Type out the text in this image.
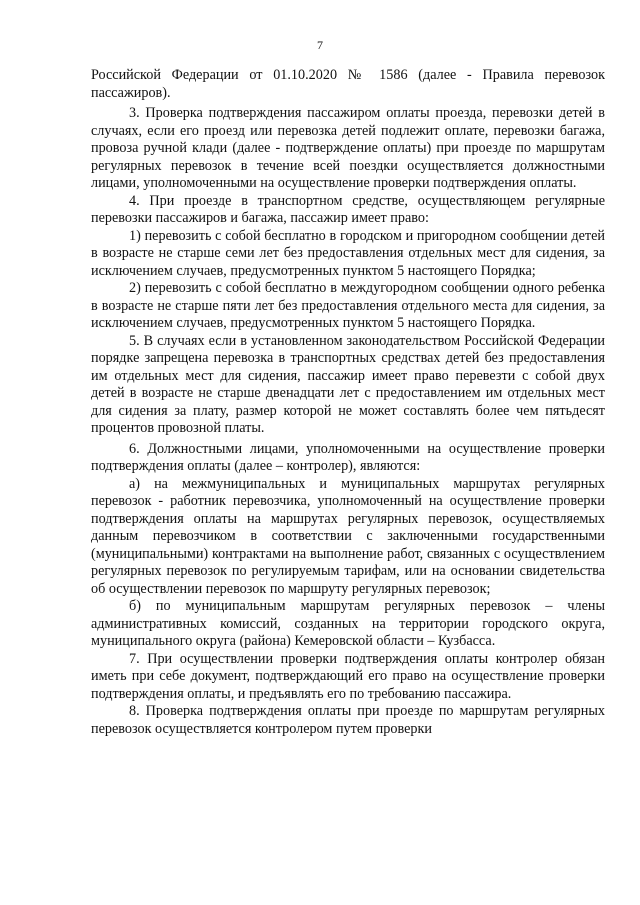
7

Российской Федерации от 01.10.2020 № 1586 (далее - Правила перевозок пассажиров).

3. Проверка подтверждения пассажиром оплаты проезда, перевозки детей в случаях, если его проезд или перевозка детей подлежит оплате, перевозки багажа, провоза ручной клади (далее - подтверждение оплаты) при проезде по маршрутам регулярных перевозок в течение всей поездки осуществляется должностными лицами, уполномоченными на осуществление проверки подтверждения оплаты.

4. При проезде в транспортном средстве, осуществляющем регулярные перевозки пассажиров и багажа, пассажир имеет право:

1) перевозить с собой бесплатно в городском и пригородном сообщении детей в возрасте не старше семи лет без предоставления отдельных мест для сидения, за исключением случаев, предусмотренных пунктом 5 настоящего Порядка;

2) перевозить с собой бесплатно в междугородном сообщении одного ребенка в возрасте не старше пяти лет без предоставления отдельного места для сидения, за исключением случаев, предусмотренных пунктом 5 настоящего Порядка.

5. В случаях если в установленном законодательством Российской Федерации порядке запрещена перевозка в транспортных средствах детей без предоставления им отдельных мест для сидения, пассажир имеет право перевезти с собой двух детей в возрасте не старше двенадцати лет с предоставлением им отдельных мест для сидения за плату, размер которой не может составлять более чем пятьдесят процентов провозной платы.

6. Должностными лицами, уполномоченными на осуществление проверки подтверждения оплаты (далее – контролер), являются:

а) на межмуниципальных и муниципальных маршрутах регулярных перевозок - работник перевозчика, уполномоченный на осуществление проверки подтверждения оплаты на маршрутах регулярных перевозок, осуществляемых данным перевозчиком в соответствии с заключенными государственными (муниципальными) контрактами на выполнение работ, связанных с осуществлением регулярных перевозок по регулируемым тарифам, или на основании свидетельства об осуществлении перевозок по маршруту регулярных перевозок;

б) по муниципальным маршрутам регулярных перевозок – члены административных комиссий, созданных на территории городского округа, муниципального округа (района) Кемеровской области – Кузбасса.

7. При осуществлении проверки подтверждения оплаты контролер обязан иметь при себе документ, подтверждающий его право на осуществление проверки подтверждения оплаты, и предъявлять его по требованию пассажира.

8. Проверка подтверждения оплаты при проезде по маршрутам регулярных перевозок осуществляется контролером путем проверки
